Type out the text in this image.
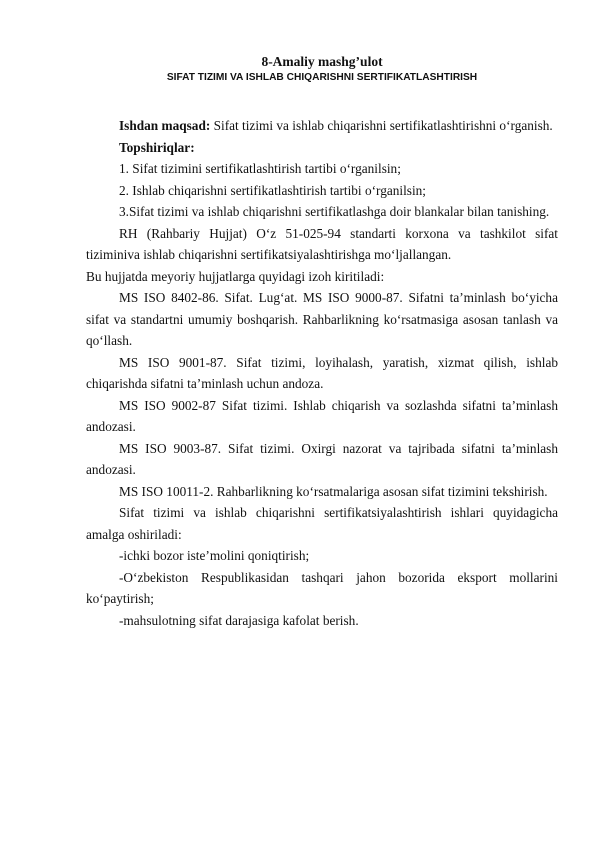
8-Amaliy mashg’ulot

SIFAT TIZIMI VA ISHLAB CHIQARISHNI SERTIFIKATLASHTIRISH

Ishdan maqsad: Sifat tizimi va ishlab chiqarishni sertifikatlashtirishni o‘rganish.

Topshiriqlar:

1. Sifat tizimini sertifikatlashtirish tartibi o‘rganilsin;

2. Ishlab chiqarishni sertifikatlashtirish tartibi o‘rganilsin;

3.Sifat tizimi va ishlab chiqarishni sertifikatlashga doir blankalar bilan tanishing.

RH (Rahbariy Hujjat) O‘z 51-025-94 standarti korxona va tashkilot sifat tiziminiva ishlab chiqarishni sertifikatsiyalashtirishga mo‘ljallangan.

Bu hujjatda meyoriy hujjatlarga quyidagi izoh kiritiladi:

MS ISO 8402-86. Sifat. Lug‘at. MS ISO 9000-87. Sifatni ta’minlash bo‘yicha sifat va standartni umumiy boshqarish. Rahbarlikning ko‘rsatmasiga asosan tanlash va qo‘llash.

MS ISO 9001-87. Sifat tizimi, loyihalash, yaratish, xizmat qilish, ishlab chiqarishda sifatni ta’minlash uchun andoza.

MS ISO 9002-87 Sifat tizimi. Ishlab chiqarish va sozlashda sifatni ta’minlash andozasi.

MS ISO 9003-87. Sifat tizimi. Oxirgi nazorat va tajribada sifatni ta’minlash andozasi.

MS ISO 10011-2. Rahbarlikning ko‘rsatmalariga asosan sifat tizimini tekshirish.

Sifat tizimi va ishlab chiqarishni sertifikatsiyalashtirish ishlari quyidagicha amalga oshiriladi:

-ichki bozor iste’molini qoniqtirish;

-O‘zbekiston Respublikasidan tashqari jahon bozorida eksport mollarini ko‘paytirish;

-mahsulotning sifat darajasiga kafolat berish.
